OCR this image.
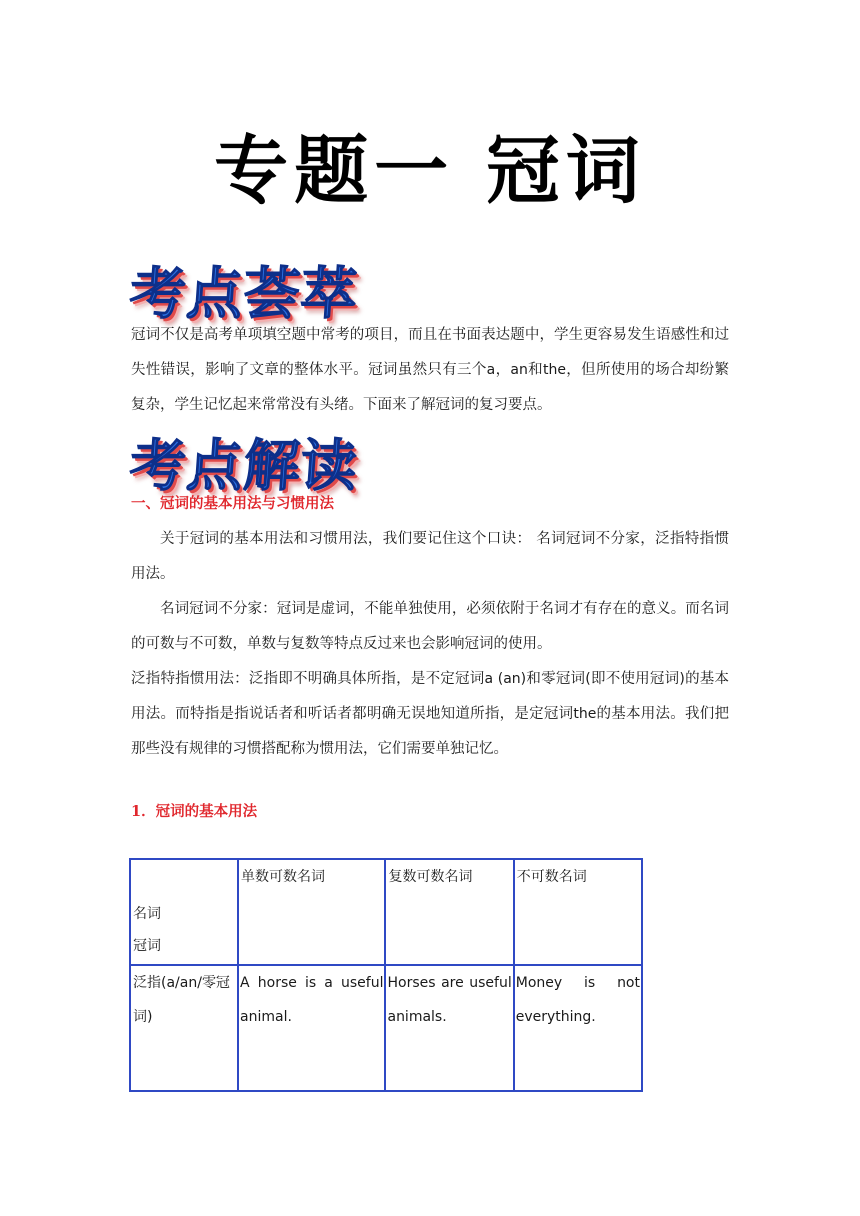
专题一 冠词
考点荟萃
冠词不仅是高考单项填空题中常考的项目，而且在书面表达题中，学生更容易发生语感性和过失性错误，影响了文章的整体水平。冠词虽然只有三个a，an和the，但所使用的场合却纷繁复杂，学生记忆起来常常没有头绪。下面来了解冠词的复习要点。
考点解读
一、冠词的基本用法与习惯用法
关于冠词的基本用法和习惯用法，我们要记住这个口诀： 名词冠词不分家，泛指特指惯用法。
名词冠词不分家：冠词是虚词，不能单独使用，必须依附于名词才有存在的意义。而名词的可数与不可数，单数与复数等特点反过来也会影响冠词的使用。
泛指特指惯用法：泛指即不明确具体所指，是不定冠词a (an)和零冠词(即不使用冠词)的基本用法。而特指是指说话者和听话者都明确无误地知道所指，是定冠词the的基本用法。我们把那些没有规律的习惯搭配称为惯用法，它们需要单独记忆。
1．冠词的基本用法
名词
冠词	单数可数名词	复数可数名词	不可数名词
泛指(a/an/零冠词)	A horse is a useful animal.	Horses are useful animals.	Money is not everything.
